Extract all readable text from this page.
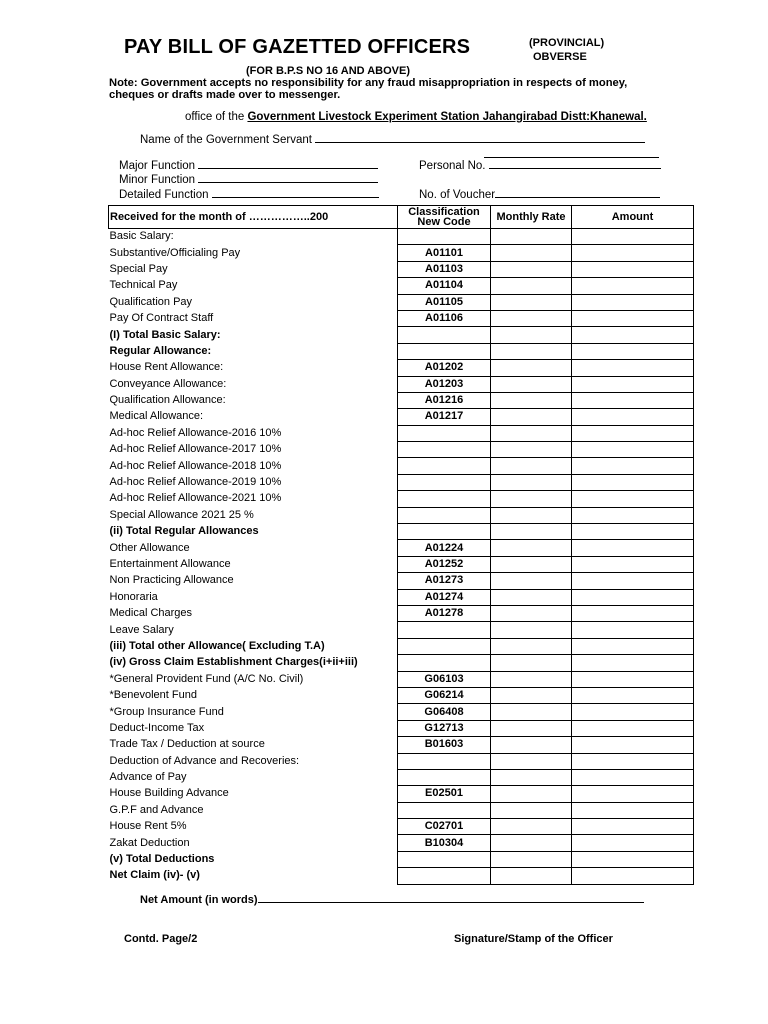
PAY BILL OF GAZETTED OFFICERS	(PROVINCIAL)
OBVERSE
(FOR B.P.S NO 16 AND ABOVE)
Note: Government accepts no responsibility for any fraud misappropriation in respects of money,
cheques or drafts made over to messenger.
office of the Government Livestock Experiment Station Jahangirabad Distt:Khanewal.
Name of the Government Servant
Major Function
Minor Function
Detailed Function
Personal No.
No. of Voucher
Received for the month of ……………..200	Classification
New Code	Monthly Rate	Amount
Basic Salary:			
Substantive/Officialing Pay	A01101		
Special Pay	A01103		
Technical Pay	A01104		
Qualification Pay	A01105		
Pay Of Contract Staff	A01106		
(I) Total Basic Salary:			
Regular Allowance:			
House Rent Allowance:	A01202		
Conveyance Allowance:	A01203		
Qualification Allowance:	A01216		
Medical Allowance:	A01217		
Ad-hoc Relief Allowance-2016 10%			
Ad-hoc Relief Allowance-2017 10%			
Ad-hoc Relief Allowance-2018 10%			
Ad-hoc Relief Allowance-2019 10%			
Ad-hoc Relief Allowance-2021 10%			
Special Allowance 2021 25 %			
(ii) Total Regular Allowances			
Other Allowance	A01224		
Entertainment Allowance	A01252		
Non Practicing Allowance	A01273		
Honoraria	A01274		
Medical Charges	A01278		
Leave Salary			
(iii) Total other Allowance( Excluding T.A)			
(iv) Gross Claim Establishment Charges(i+ii+iii)			
*General Provident Fund (A/C No. Civil)	G06103		
*Benevolent Fund	G06214		
*Group Insurance Fund	G06408		
Deduct-Income Tax	G12713		
Trade Tax / Deduction at source	B01603		
Deduction of Advance and Recoveries:			
Advance of Pay			
House Building Advance	E02501		
G.P.F and Advance			
House Rent 5%	C02701		
Zakat Deduction	B10304		
(v) Total Deductions			
Net Claim (iv)- (v)			
Net Amount (in words)
Contd. Page/2	Signature/Stamp of the Officer
